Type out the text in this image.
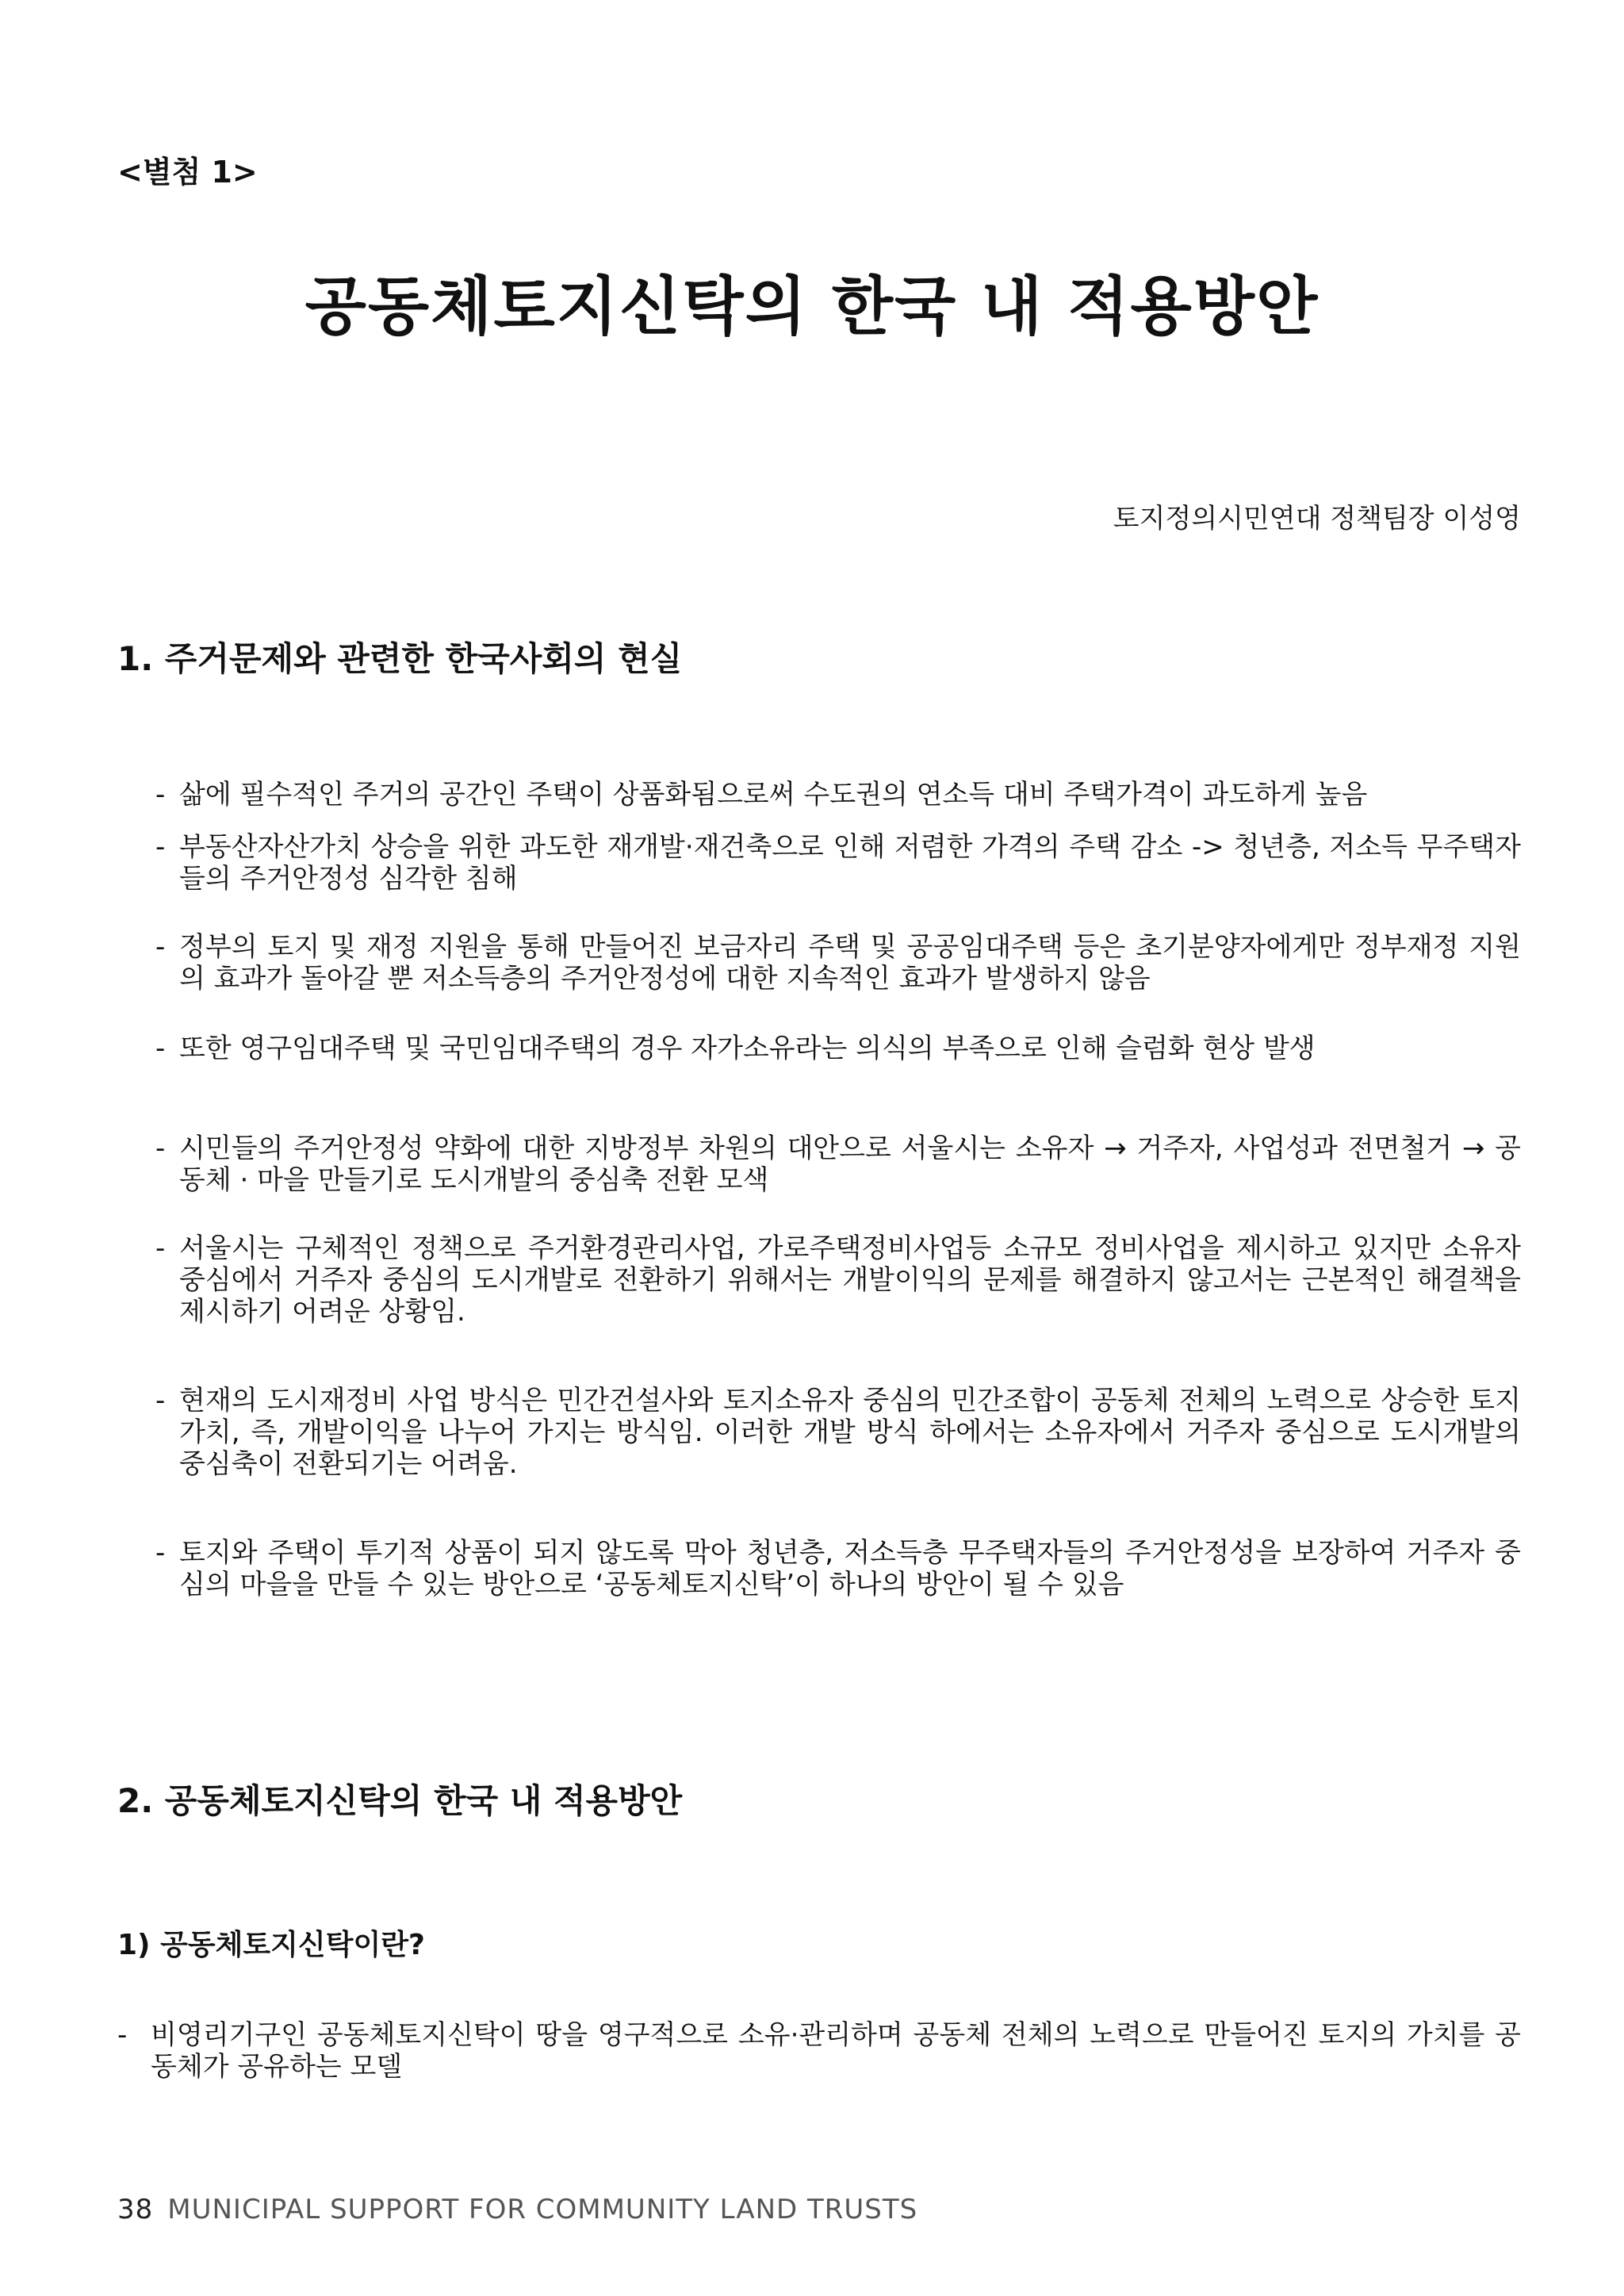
<별첨 1>
공동체토지신탁의 한국 내 적용방안
토지정의시민연대 정책팀장 이성영
1. 주거문제와 관련한 한국사회의 현실
- 삶에 필수적인 주거의 공간인 주택이 상품화됨으로써 수도권의 연소득 대비 주택가격이 과도하게 높음
- 부동산자산가치 상승을 위한 과도한 재개발·재건축으로 인해 저렴한 가격의 주택 감소 -> 청년층, 저소득 무주택자들의 주거안정성 심각한 침해
- 정부의 토지 및 재정 지원을 통해 만들어진 보금자리 주택 및 공공임대주택 등은 초기분양자에게만 정부재정 지원의 효과가 돌아갈 뿐 저소득층의 주거안정성에 대한 지속적인 효과가 발생하지 않음
- 또한 영구임대주택 및 국민임대주택의 경우 자가소유라는 의식의 부족으로 인해 슬럼화 현상 발생
- 시민들의 주거안정성 약화에 대한 지방정부 차원의 대안으로 서울시는 소유자 → 거주자, 사업성과 전면철거 → 공동체 · 마을 만들기로 도시개발의 중심축 전환 모색
- 서울시는 구체적인 정책으로 주거환경관리사업, 가로주택정비사업등 소규모 정비사업을 제시하고 있지만 소유자 중심에서 거주자 중심의 도시개발로 전환하기 위해서는 개발이익의 문제를 해결하지 않고서는 근본적인 해결책을 제시하기 어려운 상황임.
- 현재의 도시재정비 사업 방식은 민간건설사와 토지소유자 중심의 민간조합이 공동체 전체의 노력으로 상승한 토지가치, 즉, 개발이익을 나누어 가지는 방식임. 이러한 개발 방식 하에서는 소유자에서 거주자 중심으로 도시개발의 중심축이 전환되기는 어려움.
- 토지와 주택이 투기적 상품이 되지 않도록 막아 청년층, 저소득층 무주택자들의 주거안정성을 보장하여 거주자 중심의 마을을 만들 수 있는 방안으로 ‘공동체토지신탁’이 하나의 방안이 될 수 있음
2. 공동체토지신탁의 한국 내 적용방안
1) 공동체토지신탁이란?
- 비영리기구인 공동체토지신탁이 땅을 영구적으로 소유·관리하며 공동체 전체의 노력으로 만들어진 토지의 가치를 공동체가 공유하는 모델
38 MUNICIPAL SUPPORT FOR COMMUNITY LAND TRUSTS
